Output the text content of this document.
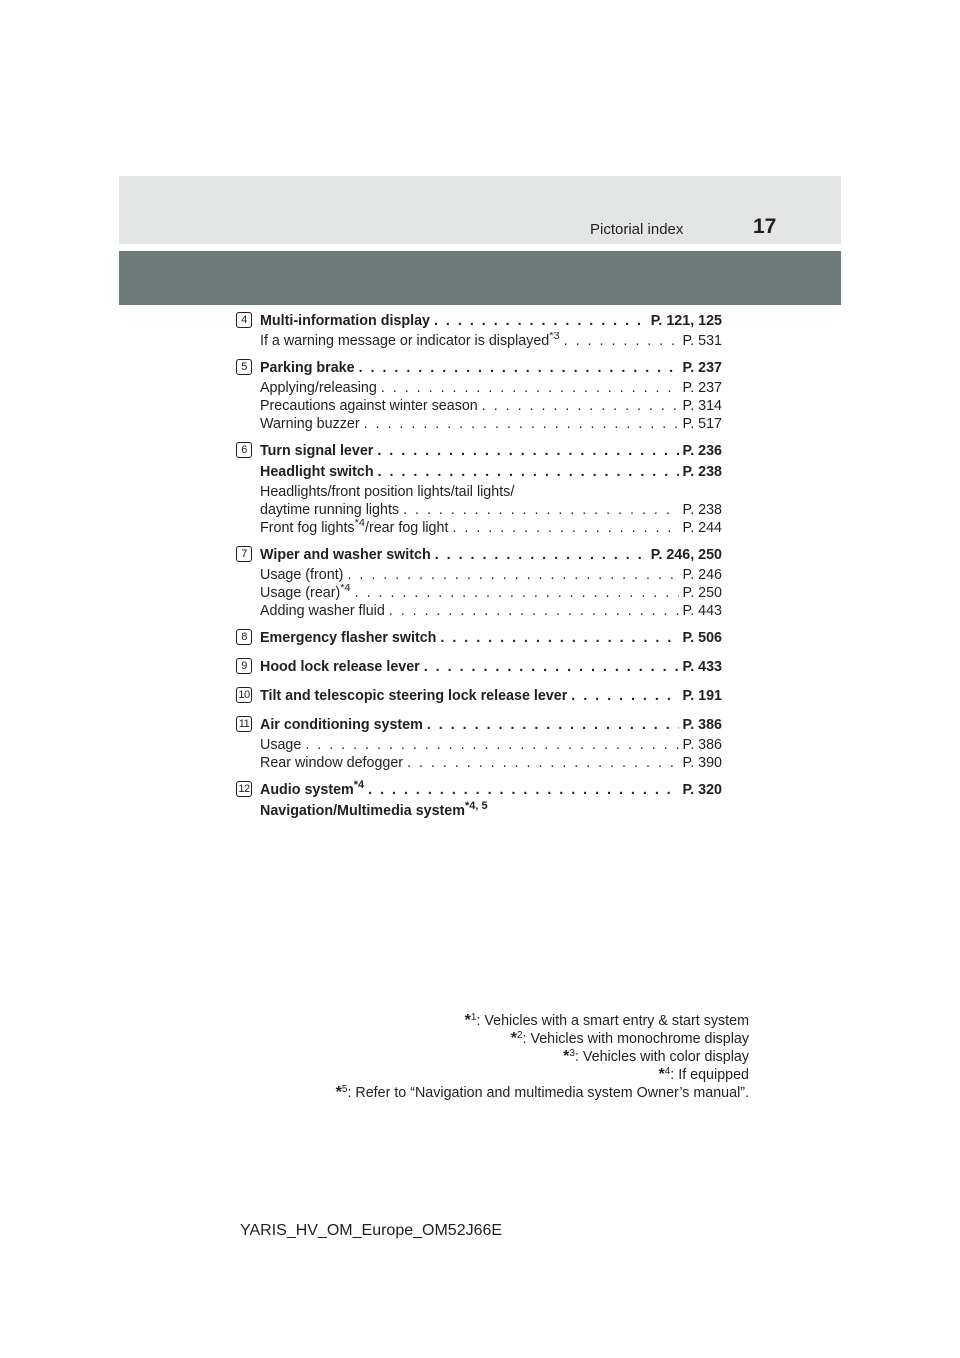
Pictorial index	17
4 Multi-information display . . .	P. 121, 125
If a warning message or indicator is displayed$^{*3}$ . . .	P. 531
5 Parking brake . . .	P. 237
Applying/releasing . . .	P. 237
Precautions against winter season . . .	P. 314
Warning buzzer . . .	P. 517
6 Turn signal lever . . .	P. 236
Headlight switch . . .	P. 238
Headlights/front position lights/tail lights/
daytime running lights . . .	P. 238
Front fog lights$^{*4}$/rear fog light . . .	P. 244
7 Wiper and washer switch . . .	P. 246, 250
Usage (front) . . .	P. 246
Usage (rear)$^{*4}$ . . .	P. 250
Adding washer fluid . . .	P. 443
8 Emergency flasher switch . . .	P. 506
9 Hood lock release lever . . .	P. 433
10 Tilt and telescopic steering lock release lever . . .	P. 191
11 Air conditioning system . . .	P. 386
Usage . . .	P. 386
Rear window defogger . . .	P. 390
12 Audio system$^{*4}$ . . .	P. 320
Navigation/Multimedia system$^{*4, 5}$
*$^1$: Vehicles with a smart entry & start system
*$^2$: Vehicles with monochrome display
*$^3$: Vehicles with color display
*$^4$: If equipped
*$^5$: Refer to “Navigation and multimedia system Owner’s manual”.
YARIS_HV_OM_Europe_OM52J66E
